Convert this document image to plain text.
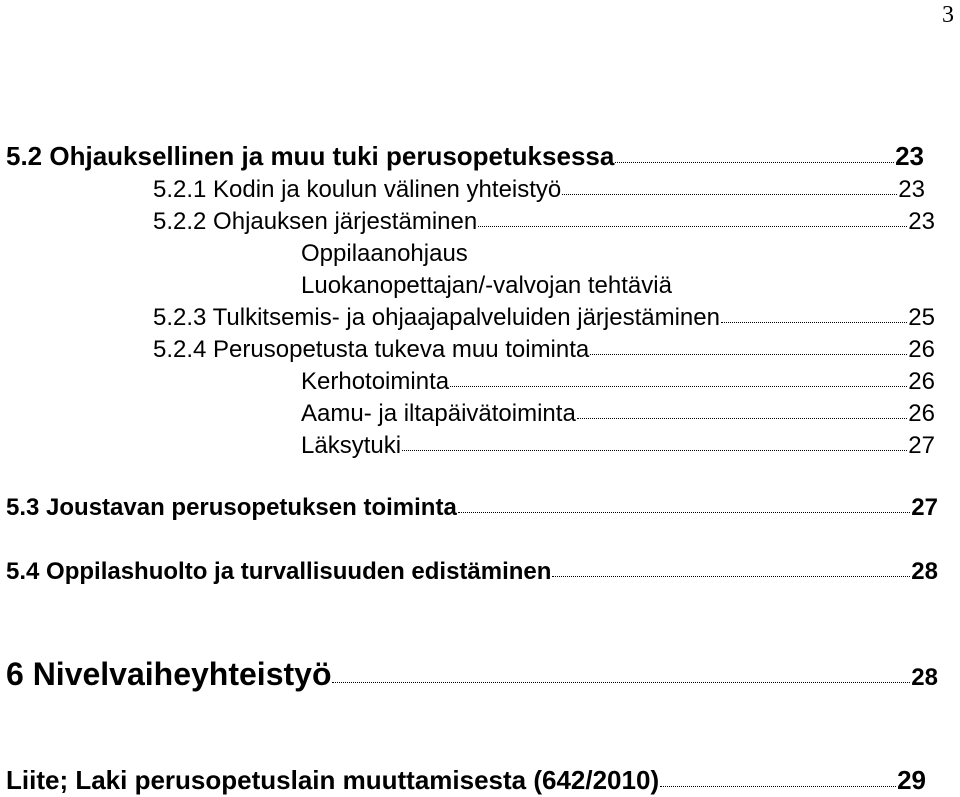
3
5.2 Ohjauksellinen ja muu tuki perusopetuksessa	23
5.2.1 Kodin ja koulun välinen yhteistyö	23
5.2.2 Ohjauksen järjestäminen	23
Oppilaanohjaus
Luokanopettajan/-valvojan tehtäviä
5.2.3 Tulkitsemis- ja ohjaajapalveluiden järjestäminen	25
5.2.4 Perusopetusta tukeva muu toiminta	26
Kerhotoiminta	26
Aamu- ja iltapäivätoiminta	26
Läksytuki	27
5.3 Joustavan perusopetuksen toiminta	27
5.4 Oppilashuolto ja turvallisuuden edistäminen	28
6 Nivelvaiheyhteistyö	28
Liite; Laki perusopetuslain muuttamisesta (642/2010)	29
